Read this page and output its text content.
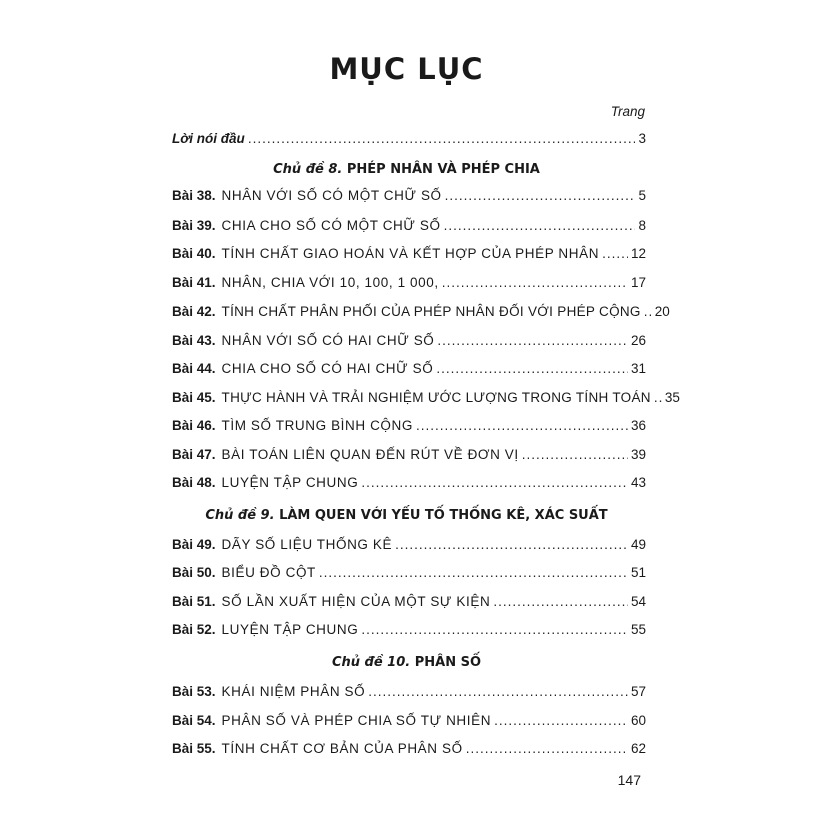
MỤC LỤC
Trang
Lời nói đầu .....	3
Chủ đề 8. PHÉP NHÂN VÀ PHÉP CHIA
Bài 38. NHÂN VỚI SỐ CÓ MỘT CHỮ SỐ .....	5
Bài 39. CHIA CHO SỐ CÓ MỘT CHỮ SỐ .....	8
Bài 40. TÍNH CHẤT GIAO HOÁN VÀ KẾT HỢP CỦA PHÉP NHÂN ..... 12
Bài 41. NHÂN, CHIA VỚI 10, 100, 1 000, .....	17
Bài 42. TÍNH CHẤT PHÂN PHỐI CỦA PHÉP NHÂN ĐỐI VỚI PHÉP CỘNG ..... 20
Bài 43. NHÂN VỚI SỐ CÓ HAI CHỮ SỐ .....	26
Bài 44. CHIA CHO SỐ CÓ HAI CHỮ SỐ .....	31
Bài 45. THỰC HÀNH VÀ TRẢI NGHIỆM ƯỚC LƯỢNG TRONG TÍNH TOÁN ..... 35
Bài 46. TÌM SỐ TRUNG BÌNH CỘNG .....	36
Bài 47. BÀI TOÁN LIÊN QUAN ĐẾN RÚT VỀ ĐƠN VỊ .....	39
Bài 48. LUYỆN TẬP CHUNG .....	43
Chủ đề 9. LÀM QUEN VỚI YẾU TỐ THỐNG KÊ, XÁC SUẤT
Bài 49. DÃY SỐ LIỆU THỐNG KÊ .....	49
Bài 50. BIỂU ĐỒ CỘT .....	51
Bài 51. SỐ LẦN XUẤT HIỆN CỦA MỘT SỰ KIỆN .....	54
Bài 52. LUYỆN TẬP CHUNG .....	55
Chủ đề 10. PHÂN SỐ
Bài 53. KHÁI NIỆM PHÂN SỐ .....	57
Bài 54. PHÂN SỐ VÀ PHÉP CHIA SỐ TỰ NHIÊN .....	60
Bài 55. TÍNH CHẤT CƠ BẢN CỦA PHÂN SỐ .....	62
147
